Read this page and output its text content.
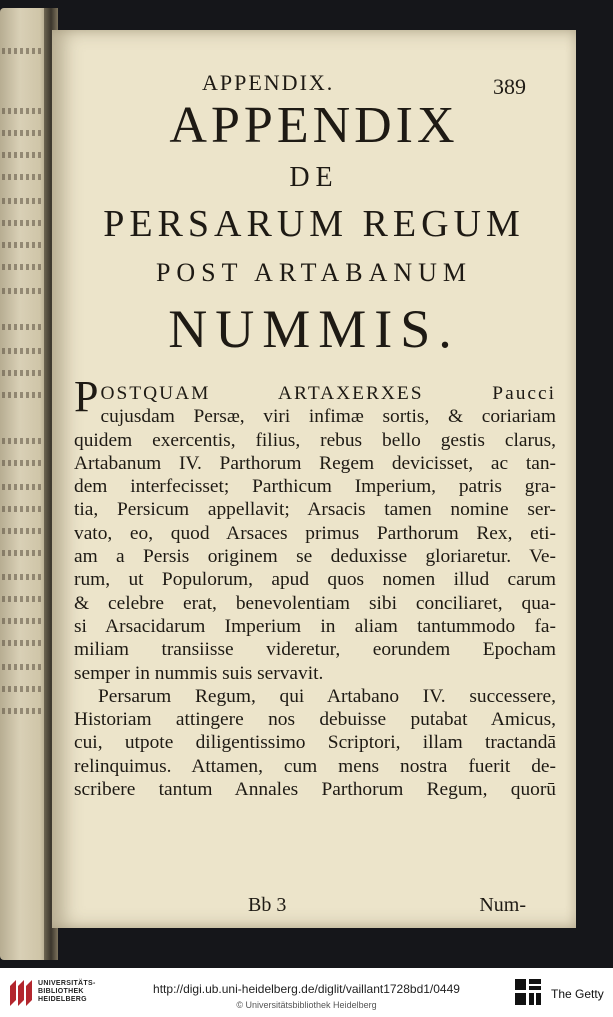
APPENDIX.	389
APPENDIX
DE
PERSARUM REGUM
POST ARTABANUM
NUMMIS.
P OSTQUAM ARTAXERXES Paucci
cujusdam Persæ, viri infimæ sortis, & coriariam
quidem exercentis, filius, rebus bello gestis clarus,
Artabanum IV. Parthorum Regem devicisset, ac tan-
dem interfecisset; Parthicum Imperium, patris gra-
tia, Persicum appellavit; Arsacis tamen nomine ser-
vato, eo, quod Arsaces primus Parthorum Rex, eti-
am a Persis originem se deduxisse gloriaretur. Ve-
rum, ut Populorum, apud quos nomen illud carum
& celebre erat, benevolentiam sibi conciliaret, qua-
si Arsacidarum Imperium in aliam tantummodo fa-
miliam transiisse videretur, eorundem Epocham
semper in nummis suis servavit.
Persarum Regum, qui Artabano IV. successere,
Historiam attingere nos debuisse putabat Amicus,
cui, utpote diligentissimo Scriptori, illam tractandā
relinquimus. Attamen, cum mens nostra fuerit de-
scribere tantum Annales Parthorum Regum, quorū
Bb 3	Num-
UNIVERSITÄTS-
BIBLIOTHEK
HEIDELBERG
http://digi.ub.uni-heidelberg.de/diglit/vaillant1728bd1/0449
© Universitätsbibliothek Heidelberg
The Getty
